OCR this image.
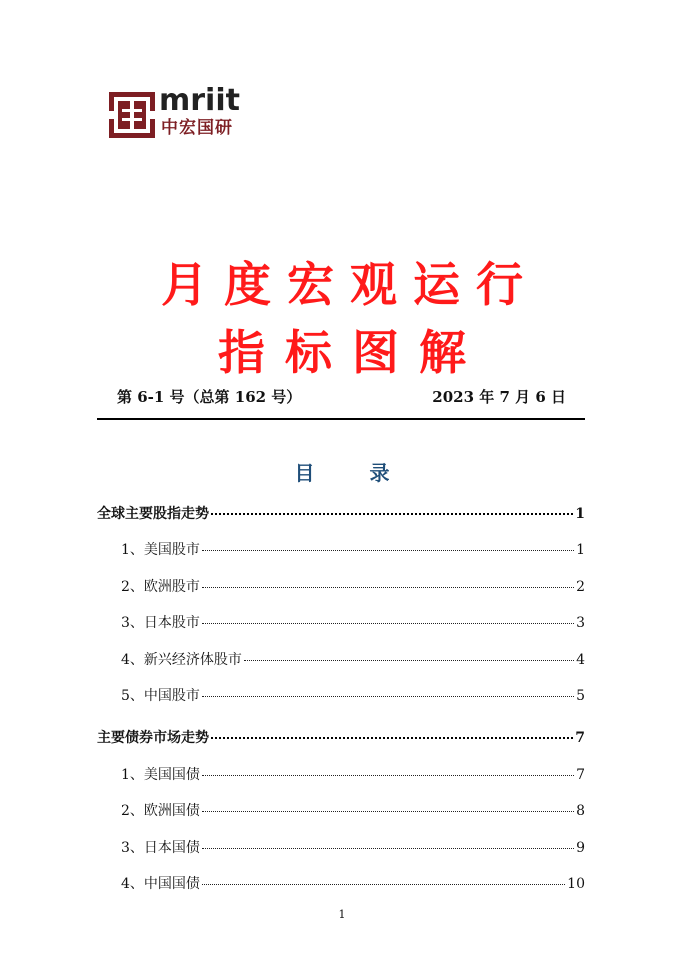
mriit
中宏国研
月度宏观运行
指标图解
第 6-1 号（总第 162 号）	2023 年 7 月 6 日
目 录
全球主要股指走势	1
1、美国股市	1
2、欧洲股市	2
3、日本股市	3
4、新兴经济体股市	4
5、中国股市	5
主要债券市场走势	7
1、美国国债	7
2、欧洲国债	8
3、日本国债	9
4、中国国债	10
1
